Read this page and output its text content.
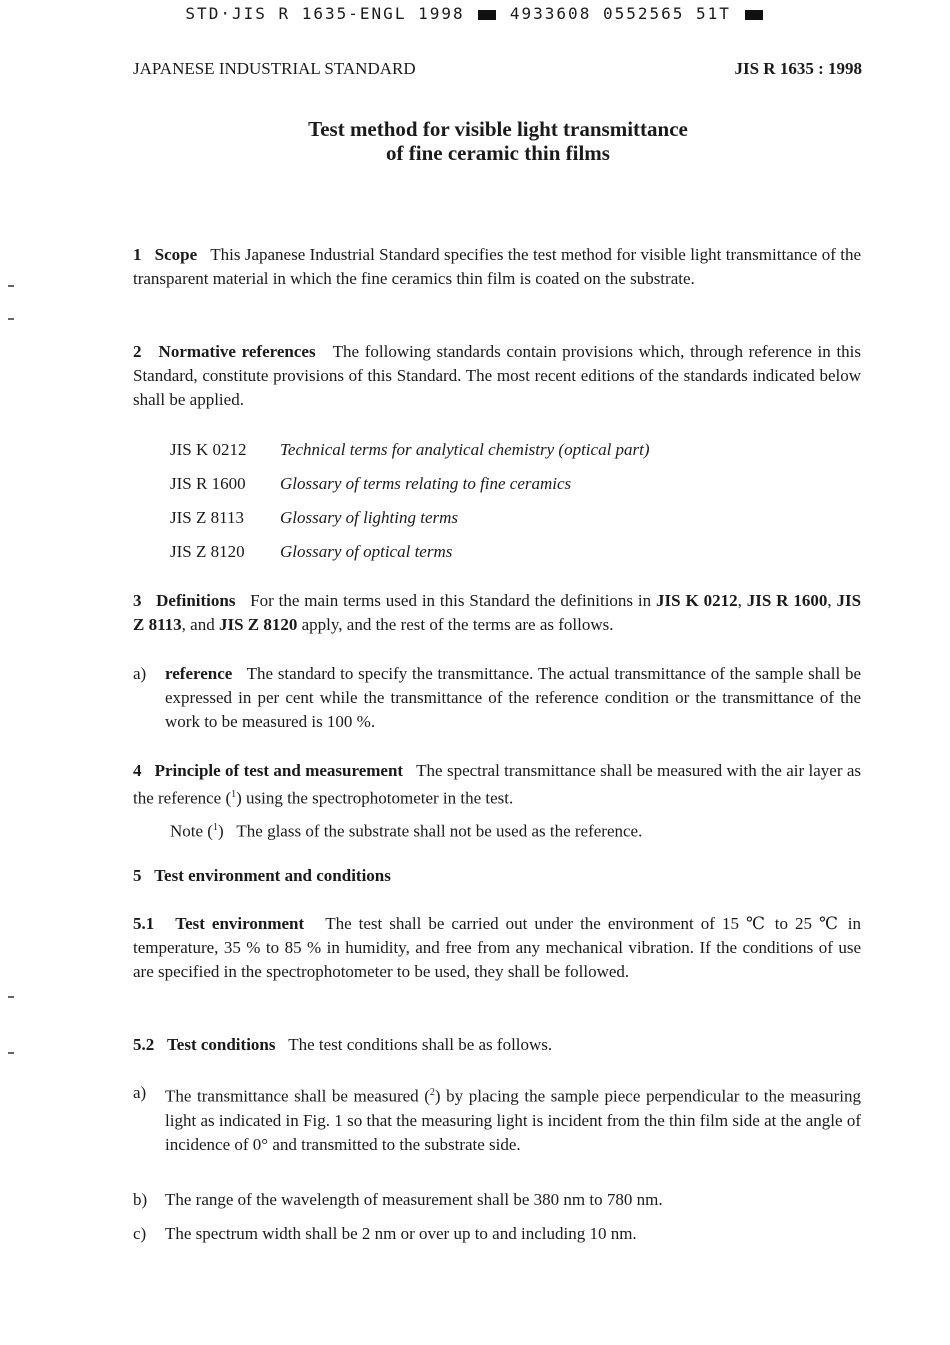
STD·JIS R 1635-ENGL 1998	4933608 0552565 51T
JAPANESE INDUSTRIAL STANDARD	JIS R 1635 : 1998
Test method for visible light transmittance
of fine ceramic thin films
1 Scope This Japanese Industrial Standard specifies the test method for visible light transmittance of the transparent material in which the fine ceramics thin film is coated on the substrate.
2 Normative references The following standards contain provisions which, through reference in this Standard, constitute provisions of this Standard. The most recent editions of the standards indicated below shall be applied.
JIS K 0212	Technical terms for analytical chemistry (optical part)
JIS R 1600	Glossary of terms relating to fine ceramics
JIS Z 8113	Glossary of lighting terms
JIS Z 8120	Glossary of optical terms
3 Definitions For the main terms used in this Standard the definitions in JIS K 0212, JIS R 1600, JIS Z 8113, and JIS Z 8120 apply, and the rest of the terms are as follows.
a)	reference The standard to specify the transmittance. The actual transmittance of the sample shall be expressed in per cent while the transmittance of the reference condition or the transmittance of the work to be measured is 100 %.
4 Principle of test and measurement The spectral transmittance shall be measured with the air layer as the reference ($^1$) using the spectrophotometer in the test.
Note ($^1$) The glass of the substrate shall not be used as the reference.
5 Test environment and conditions
5.1 Test environment The test shall be carried out under the environment of 15 ℃ to 25 ℃ in temperature, 35 % to 85 % in humidity, and free from any mechanical vibration. If the conditions of use are specified in the spectrophotometer to be used, they shall be followed.
5.2 Test conditions The test conditions shall be as follows.
a)	The transmittance shall be measured ($^2$) by placing the sample piece perpendicular to the measuring light as indicated in Fig. 1 so that the measuring light is incident from the thin film side at the angle of incidence of 0° and transmitted to the substrate side.
b)	The range of the wavelength of measurement shall be 380 nm to 780 nm.
c)	The spectrum width shall be 2 nm or over up to and including 10 nm.
